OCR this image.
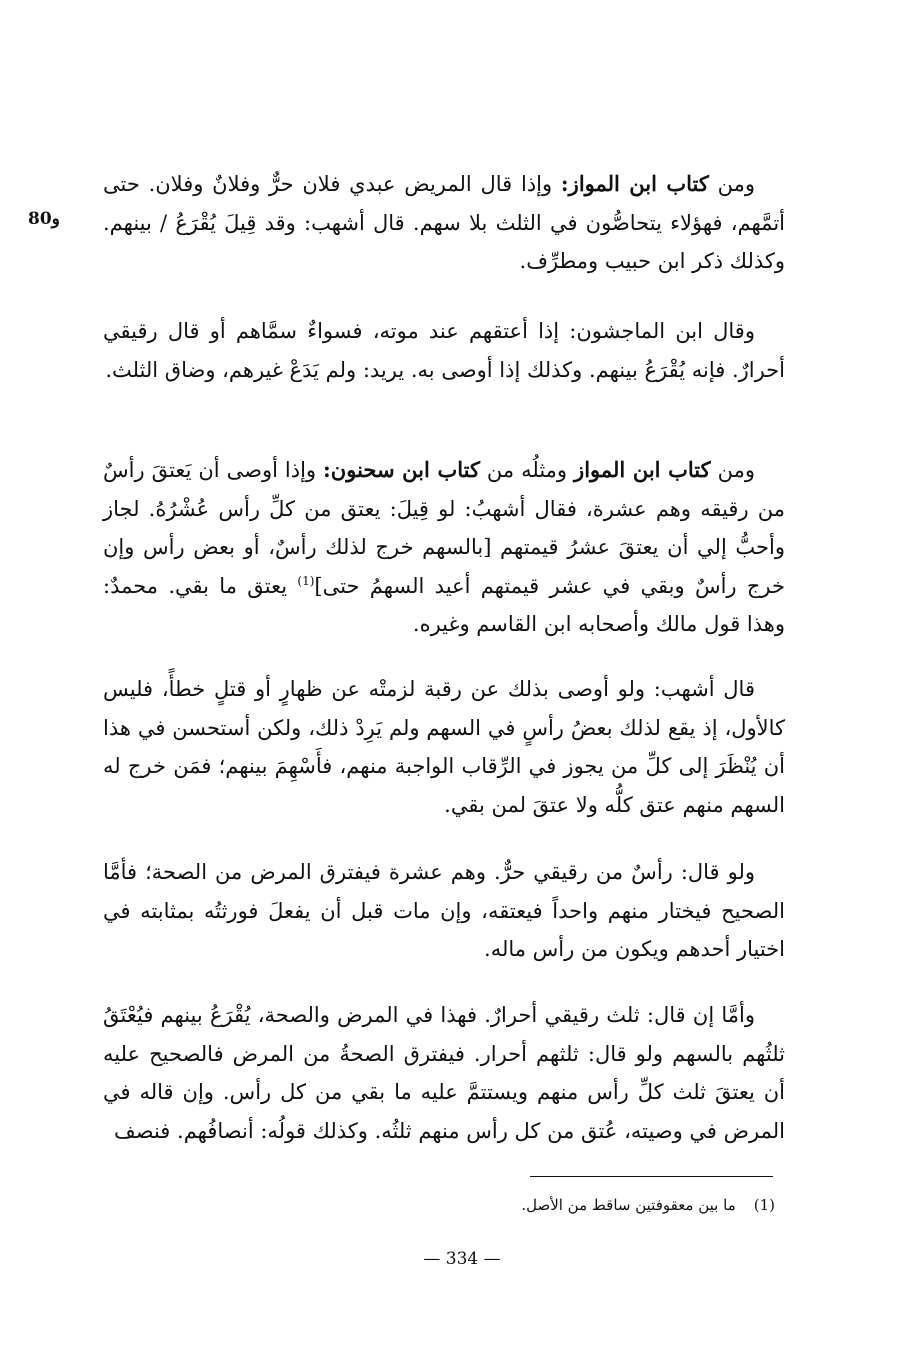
و80

ومن كتاب ابن المواز: وإذا قال المريض عبدي فلان حرٌّ وفلانٌ وفلان. حتى أتمَّهم، فهؤلاء يتحاصُّون في الثلث بلا سهم. قال أشهب: وقد قِيلَ يُقْرَعُ / بينهم. وكذلك ذكر ابن حبيب ومطرِّف.

وقال ابن الماجشون: إذا أعتقهم عند موته، فسواءٌ سمَّاهم أو قال رقيقي أحرارٌ. فإنه يُقْرَعُ بينهم. وكذلك إذا أوصى به. يريد: ولم يَدَعْ غيرهم، وضاق الثلث.

ومن كتاب ابن المواز ومثلُه من كتاب ابن سحنون: وإذا أوصى أن يَعتقَ رأسٌ من رقيقه وهم عشرة، فقال أشهبُ: لو قِيلَ: يعتق من كلِّ رأس عُشْرُهُ. لجاز وأحبُّ إلي أن يعتقَ عشرُ قيمتهم [بالسهم خرج لذلك رأسٌ، أو بعض رأس وإن خرج رأسٌ وبقي في عشر قيمتهم أعيد السهمُ حتى]$^{(1)}$ يعتق ما بقي. محمدٌ: وهذا قول مالك وأصحابه ابن القاسم وغيره.

قال أشهب: ولو أوصى بذلك عن رقبة لزمتْه عن ظهارٍ أو قتلٍ خطأً، فليس كالأول، إذ يقع لذلك بعضُ رأسٍ في السهم ولم يَرِدْ ذلك، ولكن أستحسن في هذا أن يُنْظَرَ إلى كلِّ من يجوز في الرِّقاب الواجبة منهم، فأَسْهِمَ بينهم؛ فمَن خرج له السهم منهم عتق كلُّه ولا عتقَ لمن بقي.

ولو قال: رأسٌ من رقيقي حرٌّ. وهم عشرة فيفترق المرض من الصحة؛ فأمَّا الصحيح فيختار منهم واحداً فيعتقه، وإن مات قبل أن يفعلَ فورثتُه بمثابته في اختيار أحدهم ويكون من رأس ماله.

وأمَّا إن قال: ثلث رقيقي أحرارٌ. فهذا في المرض والصحة، يُقْرَعُ بينهم فيُعْتَقُ ثلثُهم بالسهم ولو قال: ثلثهم أحرار. فيفترق الصحةُ من المرض فالصحيح عليه أن يعتقَ ثلث كلِّ رأس منهم ويستتمَّ عليه ما بقي من كل رأس. وإن قاله في المرض في وصيته، عُتق من كل رأس منهم ثلثُه. وكذلك قولُه: أنصافُهم. فنصف

(1)ما بين معقوفتين ساقط من الأصل.
— 334 —
